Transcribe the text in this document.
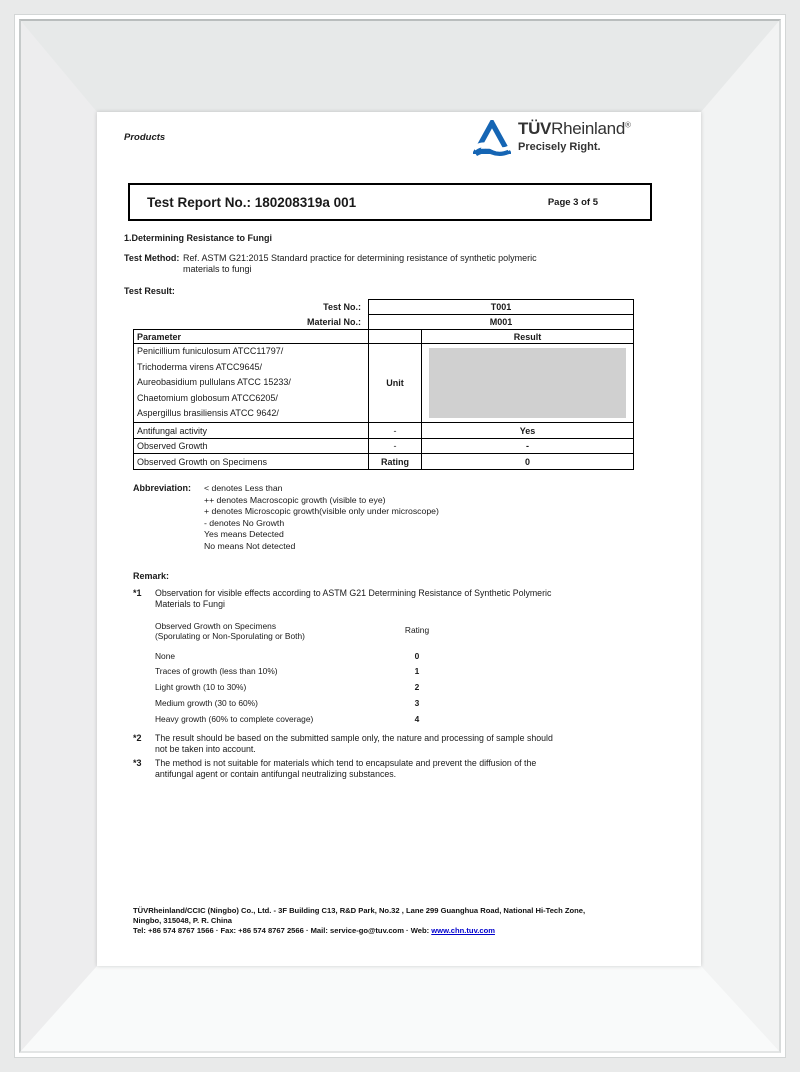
Products	TÜVRheinland®
Precisely Right.
Test Report No.: 180208319a 001	Page 3 of 5
1.Determining Resistance to Fungi
Test Method: Ref. ASTM G21:2015 Standard practice for determining resistance of synthetic polymeric
materials to fungi
Test Result:
Test No.:	T001	
Material No.:	M001	
Parameter		Result

Penicillium funiculosum ATCC11797/
Trichoderma virens ATCC9645/
Aureobasidium pullulans ATCC 15233/
Chaetomium globosum ATCC6205/
Aspergillus brasiliensis ATCC 9642/	Unit	

Antifungal activity	-	Yes
Observed Growth	-	-
Observed Growth on Specimens	Rating	0
Abbreviation: < denotes Less than
++ denotes Macroscopic growth (visible to eye)
+ denotes Microscopic growth(visible only under microscope)
- denotes No Growth
Yes means Detected
No means Not detected
Remark:
*1 Observation for visible effects according to ASTM G21 Determining Resistance of Synthetic Polymeric
Materials to Fungi
Observed Growth on Specimens
(Sporulating or Non-Sporulating or Both)
Rating
None	0
Traces of growth (less than 10%)	1
Light growth (10 to 30%)	2
Medium growth (30 to 60%)	3
Heavy growth (60% to complete coverage)	4
*2 The result should be based on the submitted sample only, the nature and processing of sample should
not be taken into account.
*3 The method is not suitable for materials which tend to encapsulate and prevent the diffusion of the
antifungal agent or contain antifungal neutralizing substances.
TÜVRheinland/CCIC (Ningbo) Co., Ltd. - 3F Building C13, R&D Park, No.32 , Lane 299 Guanghua Road, National Hi-Tech Zone,
Ningbo, 315048, P. R. China
Tel: +86 574 8767 1566 · Fax: +86 574 8767 2566 · Mail: service-go@tuv.com · Web: www.chn.tuv.com
